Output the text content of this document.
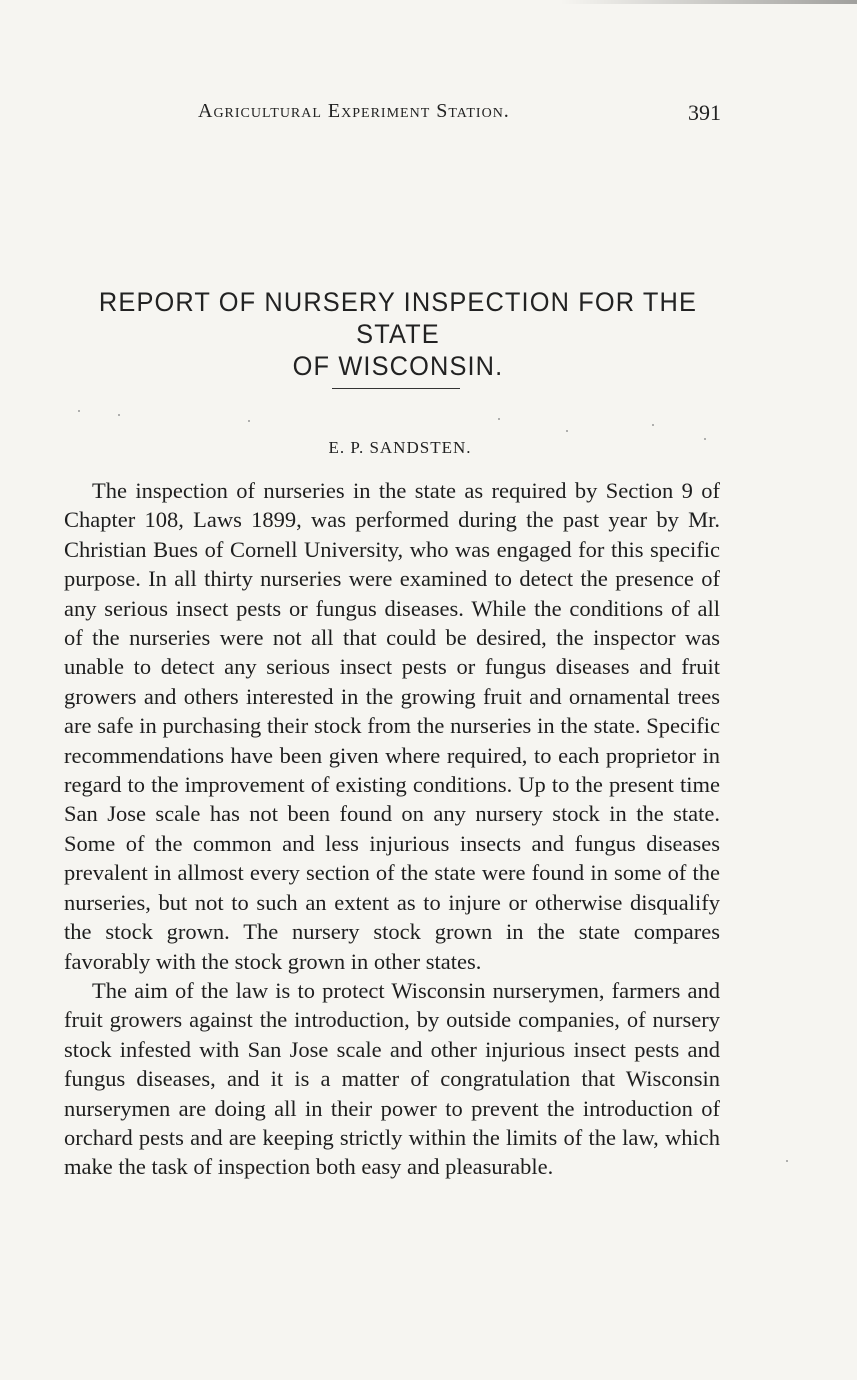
Agricultural Experiment Station.	391
REPORT OF NURSERY INSPECTION FOR THE STATE
OF WISCONSIN.
E. P. SANDSTEN.

The inspection of nurseries in the state as required by Section 9 of Chapter 108, Laws 1899, was performed during the past year by Mr. Christian Bues of Cornell University, who was engaged for this specific purpose. In all thirty nurseries were examined to detect the presence of any serious insect pests or fungus diseases. While the conditions of all of the nurseries were not all that could be desired, the inspector was unable to detect any serious insect pests or fungus diseases and fruit growers and others interested in the growing fruit and ornamental trees are safe in purchasing their stock from the nurseries in the state. Specific recommendations have been given where required, to each proprietor in regard to the improvement of existing conditions. Up to the present time San Jose scale has not been found on any nursery stock in the state. Some of the common and less injurious insects and fungus diseases prevalent in allmost every section of the state were found in some of the nurseries, but not to such an extent as to injure or otherwise disqualify the stock grown. The nursery stock grown in the state compares favorably with the stock grown in other states.

The aim of the law is to protect Wisconsin nurserymen, farmers and fruit growers against the introduction, by outside companies, of nursery stock infested with San Jose scale and other injurious insect pests and fungus diseases, and it is a matter of congratulation that Wisconsin nurserymen are doing all in their power to prevent the introduction of orchard pests and are keeping strictly within the limits of the law, which make the task of inspection both easy and pleasurable.
